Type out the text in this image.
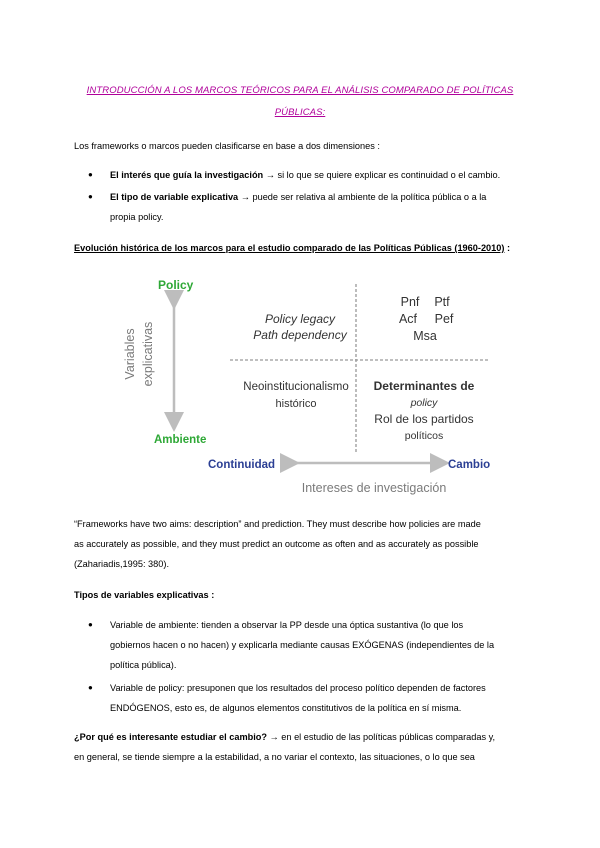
INTRODUCCIÓN A LOS MARCOS TEÓRICOS PARA EL ANÁLISIS COMPARADO DE POLÍTICAS
PÚBLICAS:
Los frameworks o marcos pueden clasificarse en base a dos dimensiones :
● El interés que guía la investigación → si lo que se quiere explicar es continuidad o el cambio.
● El tipo de variable explicativa → puede ser relativa al ambiente de la política pública o a la
propia policy.
Evolución histórica de los marcos para el estudio comparado de las Políticas Públicas (1960-2010) :
Policy
Ambiente
Variables explicativas
Policy legacy
Path dependency
Pnf Ptf
Acf Pef
Msa
Neoinstitucionalismo
histórico
Determinantes de
policy
Rol de los partidos
políticos
Continuidad	Cambio
Intereses de investigación
“Frameworks have two aims: description” and prediction. They must describe how policies are made
as accurately as possible, and they must predict an outcome as often and as accurately as possible
(Zahariadis,1995: 380).
Tipos de variables explicativas :
● Variable de ambiente: tienden a observar la PP desde una óptica sustantiva (lo que los
gobiernos hacen o no hacen) y explicarla mediante causas EXÓGENAS (independientes de la
política pública).
● Variable de policy: presuponen que los resultados del proceso político dependen de factores
ENDÓGENOS, esto es, de algunos elementos constitutivos de la política en sí misma.
¿Por qué es interesante estudiar el cambio? → en el estudio de las políticas públicas comparadas y,
en general, se tiende siempre a la estabilidad, a no variar el contexto, las situaciones, o lo que sea
